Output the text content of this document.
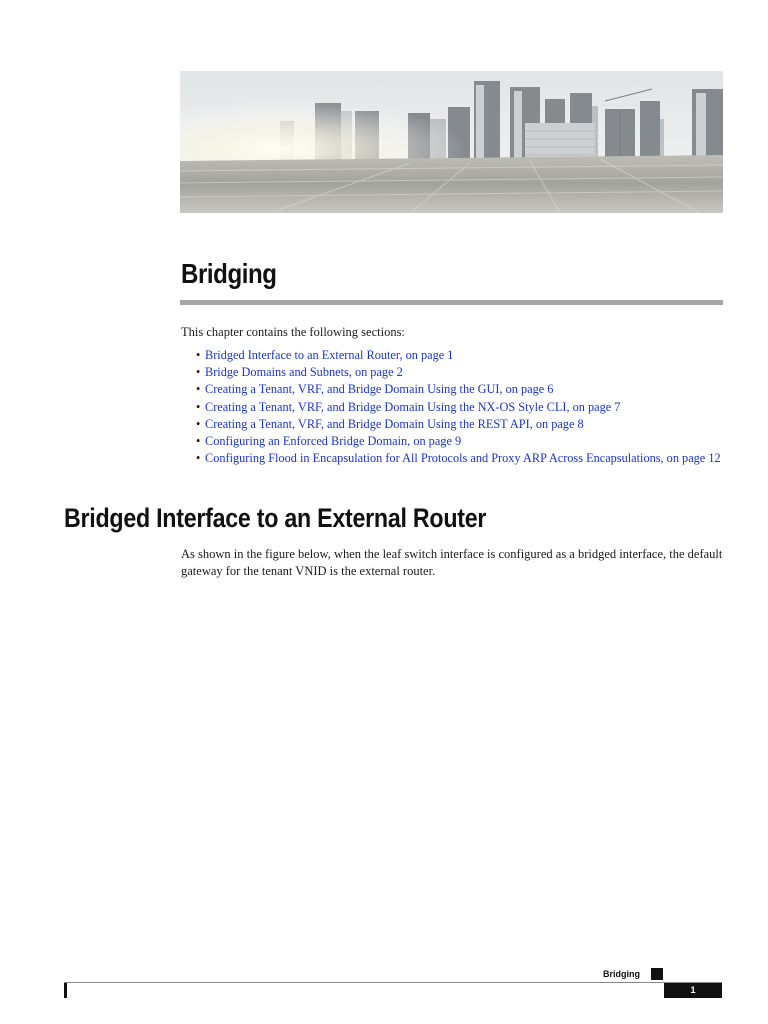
Bridging

This chapter contains the following sections:

• Bridged Interface to an External Router, on page 1
• Bridge Domains and Subnets, on page 2
• Creating a Tenant, VRF, and Bridge Domain Using the GUI, on page 6
• Creating a Tenant, VRF, and Bridge Domain Using the NX-OS Style CLI, on page 7
• Creating a Tenant, VRF, and Bridge Domain Using the REST API, on page 8
• Configuring an Enforced Bridge Domain, on page 9
• Configuring Flood in Encapsulation for All Protocols and Proxy ARP Across Encapsulations, on page 12
Bridged Interface to an External Router

As shown in the figure below, when the leaf switch interface is configured as a bridged interface, the default gateway for the tenant VNID is the external router.

Bridging

1
